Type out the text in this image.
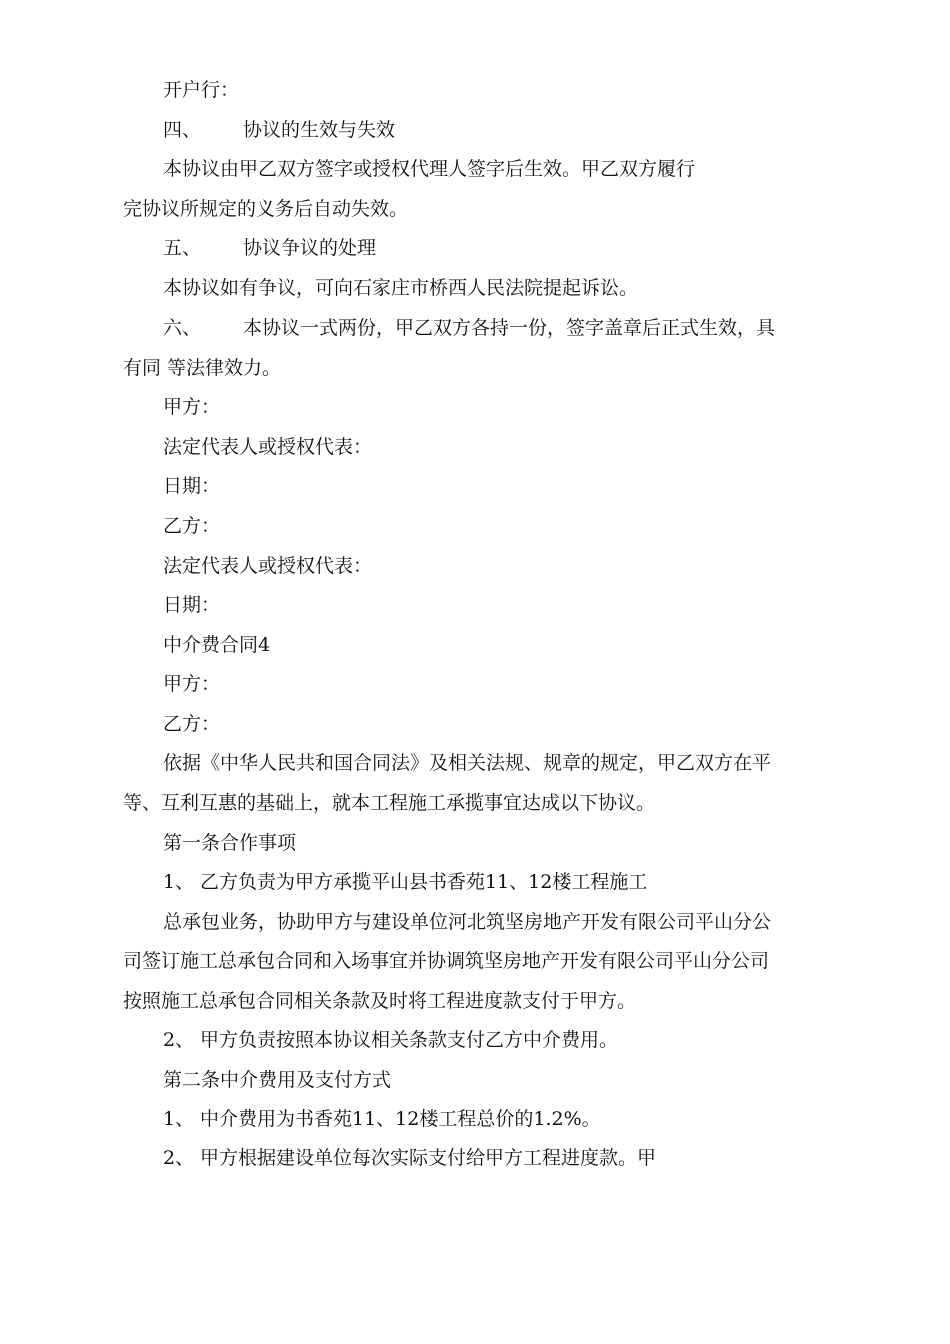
开户行：
四、 协议的生效与失效
本协议由甲乙双方签字或授权代理人签字后生效。甲乙双方履行
完协议所规定的义务后自动失效。
五、 协议争议的处理
本协议如有争议，可向石家庄市桥西人民法院提起诉讼。
六、 本协议一式两份，甲乙双方各持一份，签字盖章后正式生效，具
有同 等法律效力。
甲方：
法定代表人或授权代表：
日期：
乙方：
法定代表人或授权代表：
日期：
中介费合同4
甲方：
乙方：
依据《中华人民共和国合同法》及相关法规、规章的规定，甲乙双方在平
等、互利互惠的基础上，就本工程施工承揽事宜达成以下协议。
第一条合作事项
1、 乙方负责为甲方承揽平山县书香苑11、12楼工程施工
总承包业务，协助甲方与建设单位河北筑坚房地产开发有限公司平山分公
司签订施工总承包合同和入场事宜并协调筑坚房地产开发有限公司平山分公司
按照施工总承包合同相关条款及时将工程进度款支付于甲方。
2、 甲方负责按照本协议相关条款支付乙方中介费用。
第二条中介费用及支付方式
1、 中介费用为书香苑11、12楼工程总价的1.2%。
2、 甲方根据建设单位每次实际支付给甲方工程进度款。甲
